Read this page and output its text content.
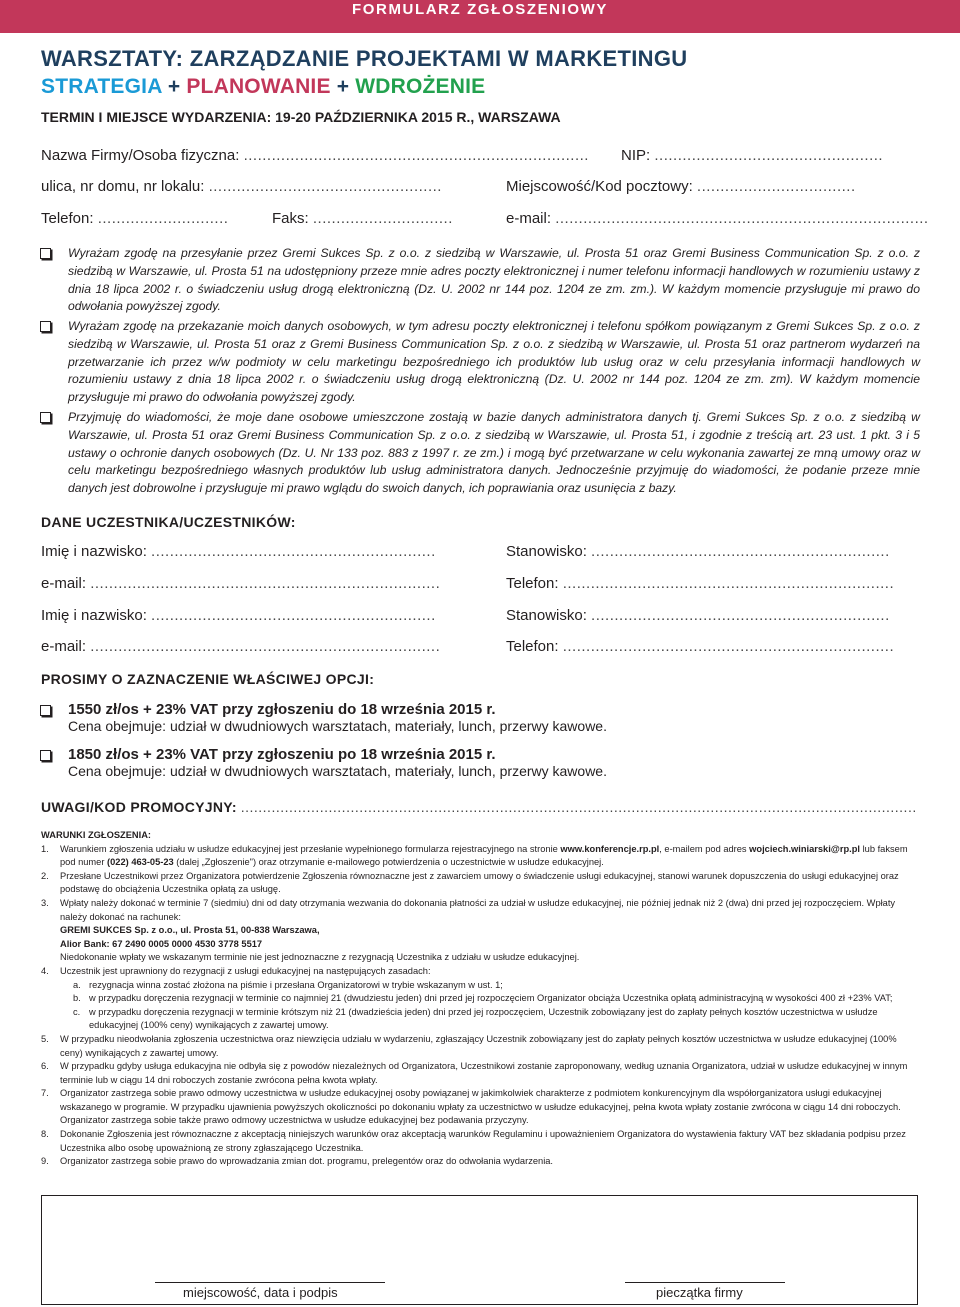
FORMULARZ ZGŁOSZENIOWY
WARSZTATY: ZARZĄDZANIE PROJEKTAMI W MARKETINGU
STRATEGIA + PLANOWANIE + WDROŻENIE
TERMIN I MIEJSCE WYDARZENIA: 19-20 PAŹDZIERNIKA 2015 R., WARSZAWA
Nazwa Firmy/Osoba fizyczna: .......................................................................... NIP: .................................................
ulica, nr domu, nr lokalu: ..................................................	Miejscowość/Kod pocztowy: ..................................
Telefon: ............................	Faks: ..............................	e-mail: ................................................................................
Wyrażam zgodę na przesyłanie przez Gremi Sukces Sp. z o.o. z siedzibą w Warszawie, ul. Prosta 51 oraz Gremi Business Communication Sp. z o.o. z siedzibą w Warszawie, ul. Prosta 51 na udostępniony przeze mnie adres poczty elektronicznej i numer telefonu informacji handlowych w rozumieniu ustawy z dnia 18 lipca 2002 r. o świadczeniu usług drogą elektroniczną (Dz. U. 2002 nr 144 poz. 1204 ze zm. zm.). W każdym momencie przysługuje mi prawo do odwołania powyższej zgody.
Wyrażam zgodę na przekazanie moich danych osobowych, w tym adresu poczty elektronicznej i telefonu spółkom powiązanym z Gremi Sukces Sp. z o.o. z siedzibą w Warszawie, ul. Prosta 51 oraz z Gremi Business Communication Sp. z o.o. z siedzibą w Warszawie, ul. Prosta 51 oraz partnerom wydarzeń na przetwarzanie ich przez w/w podmioty w celu marketingu bezpośredniego ich produktów lub usług oraz w celu przesyłania informacji handlowych w rozumieniu ustawy z dnia 18 lipca 2002 r. o świadczeniu usług drogą elektroniczną (Dz. U. 2002 nr 144 poz. 1204 ze zm. zm). W każdym momencie przysługuje mi prawo do odwołania powyższej zgody.
Przyjmuję do wiadomości, że moje dane osobowe umieszczone zostają w bazie danych administratora danych tj. Gremi Sukces Sp. z o.o. z siedzibą w Warszawie, ul. Prosta 51 oraz Gremi Business Communication Sp. z o.o. z siedzibą w Warszawie, ul. Prosta 51, i zgodnie z treścią art. 23 ust. 1 pkt. 3 i 5 ustawy o ochronie danych osobowych (Dz. U. Nr 133 poz. 883 z 1997 r. ze zm.) i mogą być przetwarzane w celu wykonania zawartej ze mną umowy oraz w celu marketingu bezpośredniego własnych produktów lub usług administratora danych. Jednocześnie przyjmuję do wiadomości, że podanie przeze mnie danych jest dobrowolne i przysługuje mi prawo wglądu do swoich danych, ich poprawiania oraz usunięcia z bazy.
DANE UCZESTNIKA/UCZESTNIKÓW:
Imię i nazwisko: .............................................................	Stanowisko: ................................................................
e-mail: ...........................................................................	Telefon: .......................................................................
Imię i nazwisko: .............................................................	Stanowisko: ................................................................
e-mail: ...........................................................................	Telefon: .......................................................................
PROSIMY O ZAZNACZENIE WŁAŚCIWEJ OPCJI:
1550 zł/os + 23% VAT przy zgłoszeniu do 18 września 2015 r.
Cena obejmuje: udział w dwudniowych warsztatach, materiały, lunch, przerwy kawowe.
1850 zł/os + 23% VAT przy zgłoszeniu po 18 września 2015 r.
Cena obejmuje: udział w dwudniowych warsztatach, materiały, lunch, przerwy kawowe.
UWAGI/KOD PROMOCYJNY: ..........................................................................................................................................................
WARUNKI ZGŁOSZENIA:
1. Warunkiem zgłoszenia udziału w usłudze edukacyjnej jest przesłanie wypełnionego formularza rejestracyjnego na stronie www.konferencje.rp.pl, e-mailem pod adres wojciech.winiarski@rp.pl lub faksem pod numer (022) 463-05-23 (dalej „Zgłoszenie") oraz otrzymanie e-mailowego potwierdzenia o uczestnictwie w usłudze edukacyjnej.
2. Przesłane Uczestnikowi przez Organizatora potwierdzenie Zgłoszenia równoznaczne jest z zawarciem umowy o świadczenie usługi edukacyjnej, stanowi warunek dopuszczenia do usługi edukacyjnej oraz podstawę do obciążenia Uczestnika opłatą za usługę.
3. Wpłaty należy dokonać w terminie 7 (siedmiu) dni od daty otrzymania wezwania do dokonania płatności za udział w usłudze edukacyjnej, nie później jednak niż 2 (dwa) dni przed jej rozpoczęciem. Wpłaty należy dokonać na rachunek:
GREMI SUKCES Sp. z o.o., ul. Prosta 51, 00-838 Warszawa,
Alior Bank: 67 2490 0005 0000 4530 3778 5517
Niedokonanie wpłaty we wskazanym terminie nie jest jednoznaczne z rezygnacją Uczestnika z udziału w usłudze edukacyjnej.
4. Uczestnik jest uprawniony do rezygnacji z usługi edukacyjnej na następujących zasadach:
a. rezygnacja winna zostać złożona na piśmie i przesłana Organizatorowi w trybie wskazanym w ust. 1;
b. w przypadku doręczenia rezygnacji w terminie co najmniej 21 (dwudziestu jeden) dni przed jej rozpoczęciem Organizator obciąża Uczestnika opłatą administracyjną w wysokości 400 zł +23% VAT;
c. w przypadku doręczenia rezygnacji w terminie krótszym niż 21 (dwadzieścia jeden) dni przed jej rozpoczęciem, Uczestnik zobowiązany jest do zapłaty pełnych kosztów uczestnictwa w usłudze edukacyjnej (100% ceny) wynikających z zawartej umowy.
5. W przypadku nieodwołania zgłoszenia uczestnictwa oraz niewzięcia udziału w wydarzeniu, zgłaszający Uczestnik zobowiązany jest do zapłaty pełnych kosztów uczestnictwa w usłudze edukacyjnej (100% ceny) wynikających z zawartej umowy.
6. W przypadku gdyby usługa edukacyjna nie odbyła się z powodów niezależnych od Organizatora, Uczestnikowi zostanie zaproponowany, według uznania Organizatora, udział w usłudze edukacyjnej w innym terminie lub w ciągu 14 dni roboczych zostanie zwrócona pełna kwota wpłaty.
7. Organizator zastrzega sobie prawo odmowy uczestnictwa w usłudze edukacyjnej osoby powiązanej w jakimkolwiek charakterze z podmiotem konkurencyjnym dla współorganizatora usługi edukacyjnej wskazanego w programie. W przypadku ujawnienia powyższych okoliczności po dokonaniu wpłaty za uczestnictwo w usłudze edukacyjnej, pełna kwota wpłaty zostanie zwrócona w ciągu 14 dni roboczych. Organizator zastrzega sobie także prawo odmowy uczestnictwa w usłudze edukacyjnej bez podawania przyczyny.
8. Dokonanie Zgłoszenia jest równoznaczne z akceptacją niniejszych warunków oraz akceptacją warunków Regulaminu i upoważnieniem Organizatora do wystawienia faktury VAT bez składania podpisu przez Uczestnika albo osobę upoważnioną ze strony zgłaszającego Uczestnika.
9. Organizator zastrzega sobie prawo do wprowadzania zmian dot. programu, prelegentów oraz do odwołania wydarzenia.
miejscowość, data i podpis	pieczątka firmy
